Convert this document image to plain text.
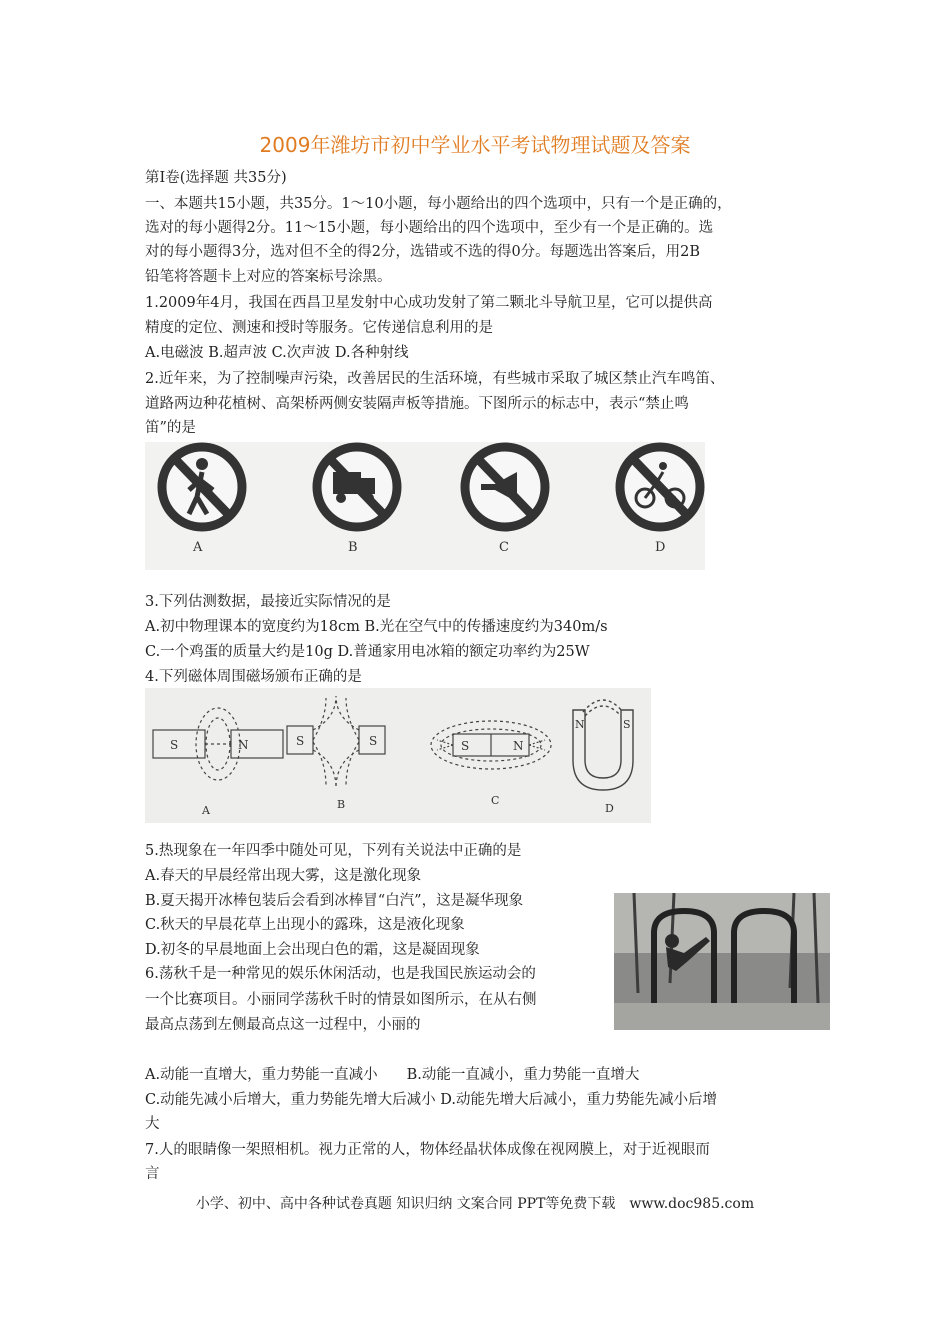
2009年潍坊市初中学业水平考试物理试题及答案
第Ⅰ卷(选择题 共35分)
一、本题共15小题，共35分。1～10小题，每小题给出的四个选项中，只有一个是正确的，
选对的每小题得2分。11～15小题，每小题给出的四个选项中，至少有一个是正确的。选
对的每小题得3分，选对但不全的得2分，选错或不选的得0分。每题选出答案后，用2B
铅笔将答题卡上对应的答案标号涂黑。
1.2009年4月，我国在西昌卫星发射中心成功发射了第二颗北斗导航卫星，它可以提供高
精度的定位、测速和授时等服务。它传递信息利用的是
A.电磁波 B.超声波 C.次声波 D.各种射线
2.近年来，为了控制噪声污染，改善居民的生活环境，有些城市采取了城区禁止汽车鸣笛、
道路两边种花植树、高架桥两侧安装隔声板等措施。下图所示的标志中，表示“禁止鸣
笛”的是
A	B	C	D
3.下列估测数据，最接近实际情况的是
A.初中物理课本的宽度约为18cm B.光在空气中的传播速度约为340m/s
C.一个鸡蛋的质量大约是10g D.普通家用电冰箱的额定功率约为25W
4.下列磁体周围磁场颁布正确的是
S	N
A
S	S
B
S	N
C
N	S
D
5.热现象在一年四季中随处可见，下列有关说法中正确的是
A.春天的早晨经常出现大雾，这是激化现象
B.夏天揭开冰棒包装后会看到冰棒冒“白汽”，这是凝华现象
C.秋天的早晨花草上出现小的露珠，这是液化现象
D.初冬的早晨地面上会出现白色的霜，这是凝固现象
6.荡秋千是一种常见的娱乐休闲活动，也是我国民族运动会的
一个比赛项目。小丽同学荡秋千时的情景如图所示，在从右侧
最高点荡到左侧最高点这一过程中，小丽的
A.动能一直增大，重力势能一直减小　　B.动能一直减小，重力势能一直增大
C.动能先减小后增大，重力势能先增大后减小 D.动能先增大后减小，重力势能先减小后增
大
7.人的眼睛像一架照相机。视力正常的人，物体经晶状体成像在视网膜上，对于近视眼而
言
小学、初中、高中各种试卷真题 知识归纳 文案合同 PPT等免费下载　www.doc985.com
